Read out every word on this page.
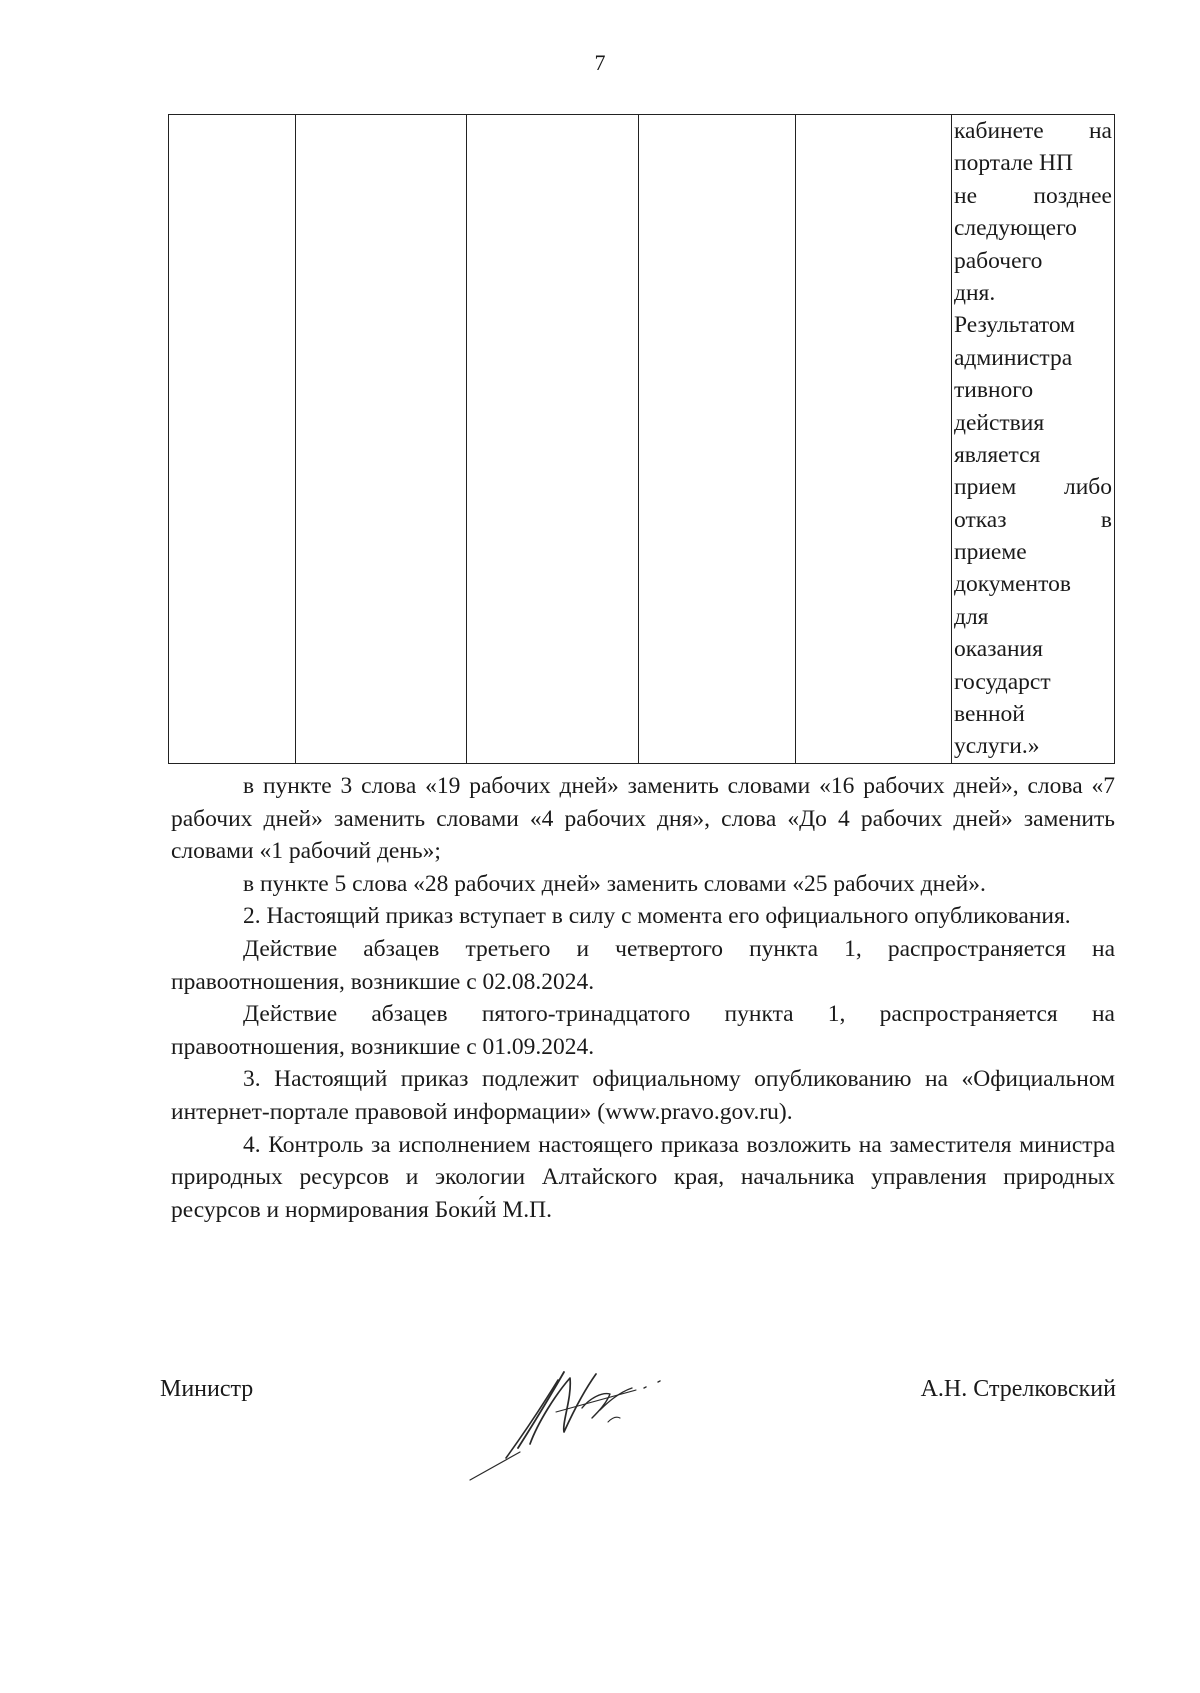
7

кабинете на
портале НП
не позднее
следующего
рабочего
дня.
Результатом
администра
тивного
действия
является
прием либо
отказ в
приеме
документов
для
оказания
государст
венной
услуги.»

в пункте 3 слова «19 рабочих дней» заменить словами «16 рабочих дней», слова «7 рабочих дней» заменить словами «4 рабочих дня», слова «До 4 рабочих дней» заменить словами «1 рабочий день»;

в пункте 5 слова «28 рабочих дней» заменить словами «25 рабочих дней».

2. Настоящий приказ вступает в силу с момента его официального опубликования.

Действие абзацев третьего и четвертого пункта 1, распространяется на правоотношения, возникшие с 02.08.2024.

Действие абзацев пятого-тринадцатого пункта 1, распространяется на правоотношения, возникшие с 01.09.2024.

3. Настоящий приказ подлежит официальному опубликованию на «Официальном интернет-портале правовой информации» (www.pravo.gov.ru).

4. Контроль за исполнением настоящего приказа возложить на заместителя министра природных ресурсов и экологии Алтайского края, начальника управления природных ресурсов и нормирования Боки́й М.П.

Министр	А.Н. Стрелковский
